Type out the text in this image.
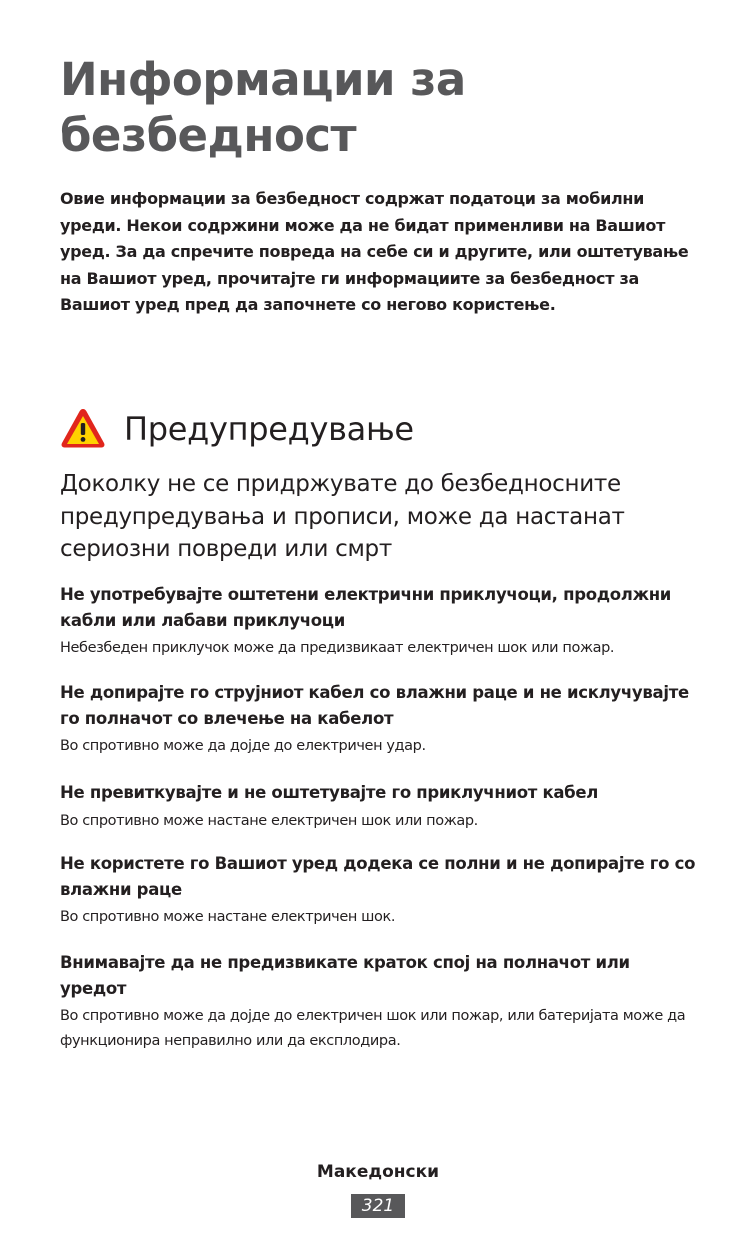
Информации за безбедност

Овие информации за безбедност содржат податоци за мобилни уреди. Некои содржини може да не бидат применливи на Вашиот уред. За да спречите повреда на себе си и другите, или оштетување на Вашиот уред, прочитајте ги информациите за безбедност за Вашиот уред пред да започнете со негово користење.

Предупредување

Доколку не се придржувате до безбедносните предупредувања и прописи, може да настанат сериозни повреди или смрт

Не употребувајте оштетени електрични приклучоци, продолжни кабли или лабави приклучоци

Небезбеден приклучок може да предизвикаат електричен шок или пожар.

Не допирајте го струјниот кабел со влажни раце и не исклучувајте го полначот со влечење на кабелот

Во спротивно може да дојде до електричен удар.

Не превиткувајте и не оштетувајте го приклучниот кабел

Во спротивно може настане електричен шок или пожар.

Не користете го Вашиот уред додека се полни и не допирајте го со влажни раце

Во спротивно може настане електричен шок.

Внимавајте да не предизвикате краток спој на полначот или уредот

Во спротивно може да дојде до електричен шок или пожар, или батеријата може да функционира неправилно или да експлодира.

Македонски
321
